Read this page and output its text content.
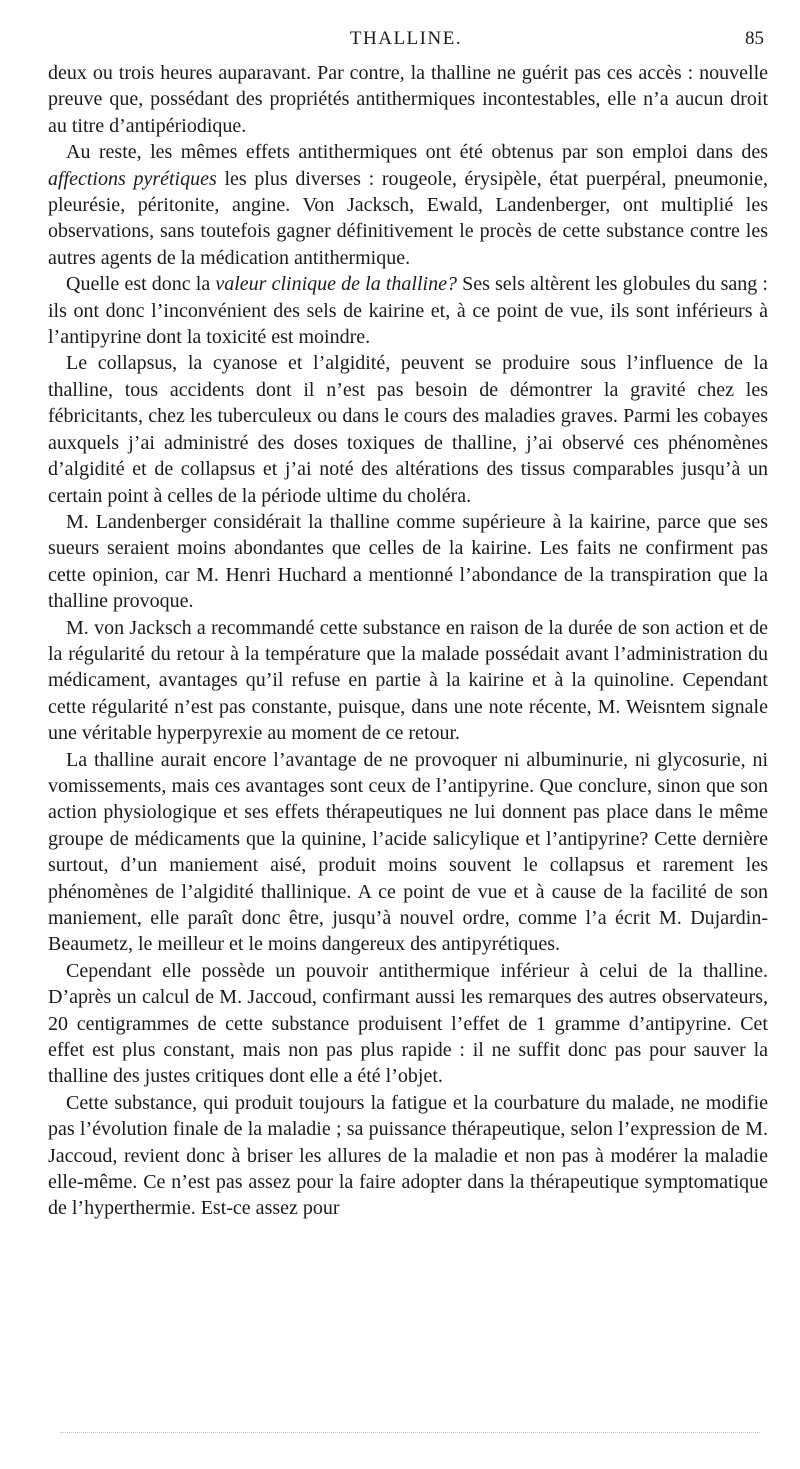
THALLINE.	85

deux ou trois heures auparavant. Par contre, la thalline ne guérit pas ces accès : nouvelle preuve que, possédant des propriétés antithermiques incontestables, elle n’a aucun droit au titre d’antipériodique.

Au reste, les mêmes effets antithermiques ont été obtenus par son emploi dans des affections pyrétiques les plus diverses : rougeole, érysipèle, état puerpéral, pneumonie, pleurésie, péritonite, angine. Von Jacksch, Ewald, Landenberger, ont multiplié les observations, sans toutefois gagner définitivement le procès de cette substance contre les autres agents de la médication antithermique.

Quelle est donc la valeur clinique de la thalline? Ses sels altèrent les globules du sang : ils ont donc l’inconvénient des sels de kairine et, à ce point de vue, ils sont inférieurs à l’antipyrine dont la toxicité est moindre.

Le collapsus, la cyanose et l’algidité, peuvent se produire sous l’influence de la thalline, tous accidents dont il n’est pas besoin de démontrer la gravité chez les fébricitants, chez les tuberculeux ou dans le cours des maladies graves. Parmi les cobayes auxquels j’ai administré des doses toxiques de thalline, j’ai observé ces phénomènes d’algidité et de collapsus et j’ai noté des altérations des tissus comparables jusqu’à un certain point à celles de la période ultime du choléra.

M. Landenberger considérait la thalline comme supérieure à la kairine, parce que ses sueurs seraient moins abondantes que celles de la kairine. Les faits ne confirment pas cette opinion, car M. Henri Huchard a mentionné l’abondance de la transpiration que la thalline provoque.

M. von Jacksch a recommandé cette substance en raison de la durée de son action et de la régularité du retour à la température que la malade possédait avant l’administration du médicament, avantages qu’il refuse en partie à la kairine et à la quinoline. Cependant cette régularité n’est pas constante, puisque, dans une note récente, M. Weisntem signale une véritable hyperpyrexie au moment de ce retour.

La thalline aurait encore l’avantage de ne provoquer ni albuminurie, ni glycosurie, ni vomissements, mais ces avantages sont ceux de l’antipyrine. Que conclure, sinon que son action physiologique et ses effets thérapeutiques ne lui donnent pas place dans le même groupe de médicaments que la quinine, l’acide salicylique et l’antipyrine? Cette dernière surtout, d’un maniement aisé, produit moins souvent le collapsus et rarement les phénomènes de l’algidité thallinique. A ce point de vue et à cause de la facilité de son maniement, elle paraît donc être, jusqu’à nouvel ordre, comme l’a écrit M. Dujardin-Beaumetz, le meilleur et le moins dangereux des antipyrétiques.

Cependant elle possède un pouvoir antithermique inférieur à celui de la thalline. D’après un calcul de M. Jaccoud, confirmant aussi les remarques des autres observateurs, 20 centigrammes de cette substance produisent l’effet de 1 gramme d’antipyrine. Cet effet est plus constant, mais non pas plus rapide : il ne suffit donc pas pour sauver la thalline des justes critiques dont elle a été l’objet.

Cette substance, qui produit toujours la fatigue et la courbature du malade, ne modifie pas l’évolution finale de la maladie ; sa puissance thérapeutique, selon l’expression de M. Jaccoud, revient donc à briser les allures de la maladie et non pas à modérer la maladie elle-même. Ce n’est pas assez pour la faire adopter dans la thérapeutique symptomatique de l’hyperthermie. Est-ce assez pour
